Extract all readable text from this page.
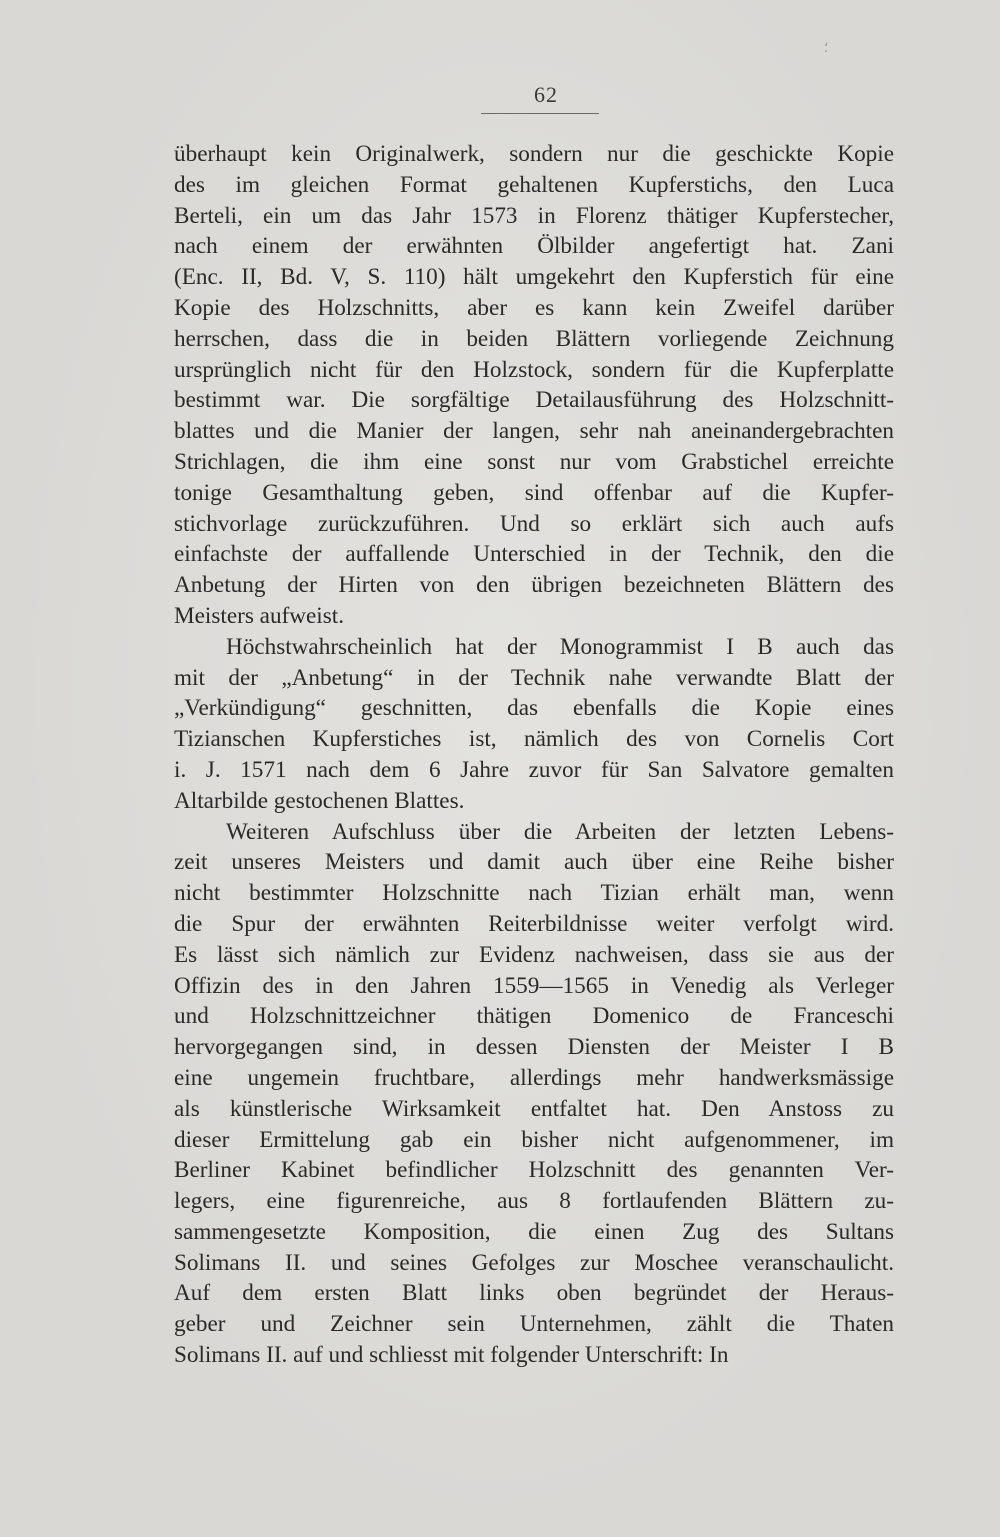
⸵
62
überhaupt kein Originalwerk, sondern nur die geschickte Kopie
des im gleichen Format gehaltenen Kupferstichs, den Luca
Berteli, ein um das Jahr 1573 in Florenz thätiger Kupferstecher,
nach einem der erwähnten Ölbilder angefertigt hat. Zani
(Enc. II, Bd. V, S. 110) hält umgekehrt den Kupferstich für eine
Kopie des Holzschnitts, aber es kann kein Zweifel darüber
herrschen, dass die in beiden Blättern vorliegende Zeichnung
ursprünglich nicht für den Holzstock, sondern für die Kupferplatte
bestimmt war. Die sorgfältige Detailausführung des Holzschnitt-
blattes und die Manier der langen, sehr nah aneinandergebrachten
Strichlagen, die ihm eine sonst nur vom Grabstichel erreichte
tonige Gesamthaltung geben, sind offenbar auf die Kupfer-
stichvorlage zurückzuführen. Und so erklärt sich auch aufs
einfachste der auffallende Unterschied in der Technik, den die
Anbetung der Hirten von den übrigen bezeichneten Blättern des
Meisters aufweist.
Höchstwahrscheinlich hat der Monogrammist I B auch das
mit der „Anbetung“ in der Technik nahe verwandte Blatt der
„Verkündigung“ geschnitten, das ebenfalls die Kopie eines
Tizianschen Kupferstiches ist, nämlich des von Cornelis Cort
i. J. 1571 nach dem 6 Jahre zuvor für San Salvatore gemalten
Altarbilde gestochenen Blattes.
Weiteren Aufschluss über die Arbeiten der letzten Lebens-
zeit unseres Meisters und damit auch über eine Reihe bisher
nicht bestimmter Holzschnitte nach Tizian erhält man, wenn
die Spur der erwähnten Reiterbildnisse weiter verfolgt wird.
Es lässt sich nämlich zur Evidenz nachweisen, dass sie aus der
Offizin des in den Jahren 1559—1565 in Venedig als Verleger
und Holzschnittzeichner thätigen Domenico de Franceschi
hervorgegangen sind, in dessen Diensten der Meister I B
eine ungemein fruchtbare, allerdings mehr handwerksmässige
als künstlerische Wirksamkeit entfaltet hat. Den Anstoss zu
dieser Ermittelung gab ein bisher nicht aufgenommener, im
Berliner Kabinet befindlicher Holzschnitt des genannten Ver-
legers, eine figurenreiche, aus 8 fortlaufenden Blättern zu-
sammengesetzte Komposition, die einen Zug des Sultans
Solimans II. und seines Gefolges zur Moschee veranschaulicht.
Auf dem ersten Blatt links oben begründet der Heraus-
geber und Zeichner sein Unternehmen, zählt die Thaten
Solimans II. auf und schliesst mit folgender Unterschrift: In
